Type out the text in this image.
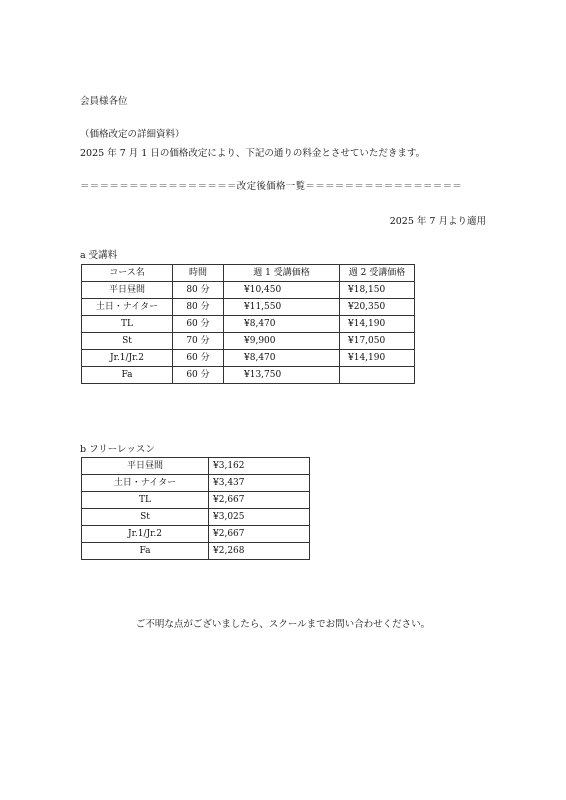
会員様各位
（価格改定の詳細資料）
2025 年 7 月 1 日の価格改定により、下記の通りの料金とさせていただきます。
＝＝＝＝＝＝＝＝＝＝＝＝＝＝＝＝改定後価格一覧＝＝＝＝＝＝＝＝＝＝＝＝＝＝＝＝
2025 年 7 月より適用
a 受講料
コース名	時間	週 1 受講価格	週 2 受講価格
平日昼間	80 分	¥10,450	¥18,150
土日・ナイター	80 分	¥11,550	¥20,350
TL	60 分	¥8,470	¥14,190
St	70 分	¥9,900	¥17,050
Jr.1/Jr.2	60 分	¥8,470	¥14,190
Fa	60 分	¥13,750	
b フリーレッスン
平日昼間	¥3,162
土日・ナイター	¥3,437
TL	¥2,667
St	¥3,025
Jr.1/Jr.2	¥2,667
Fa	¥2,268
ご不明な点がございましたら、スクールまでお問い合わせください。
